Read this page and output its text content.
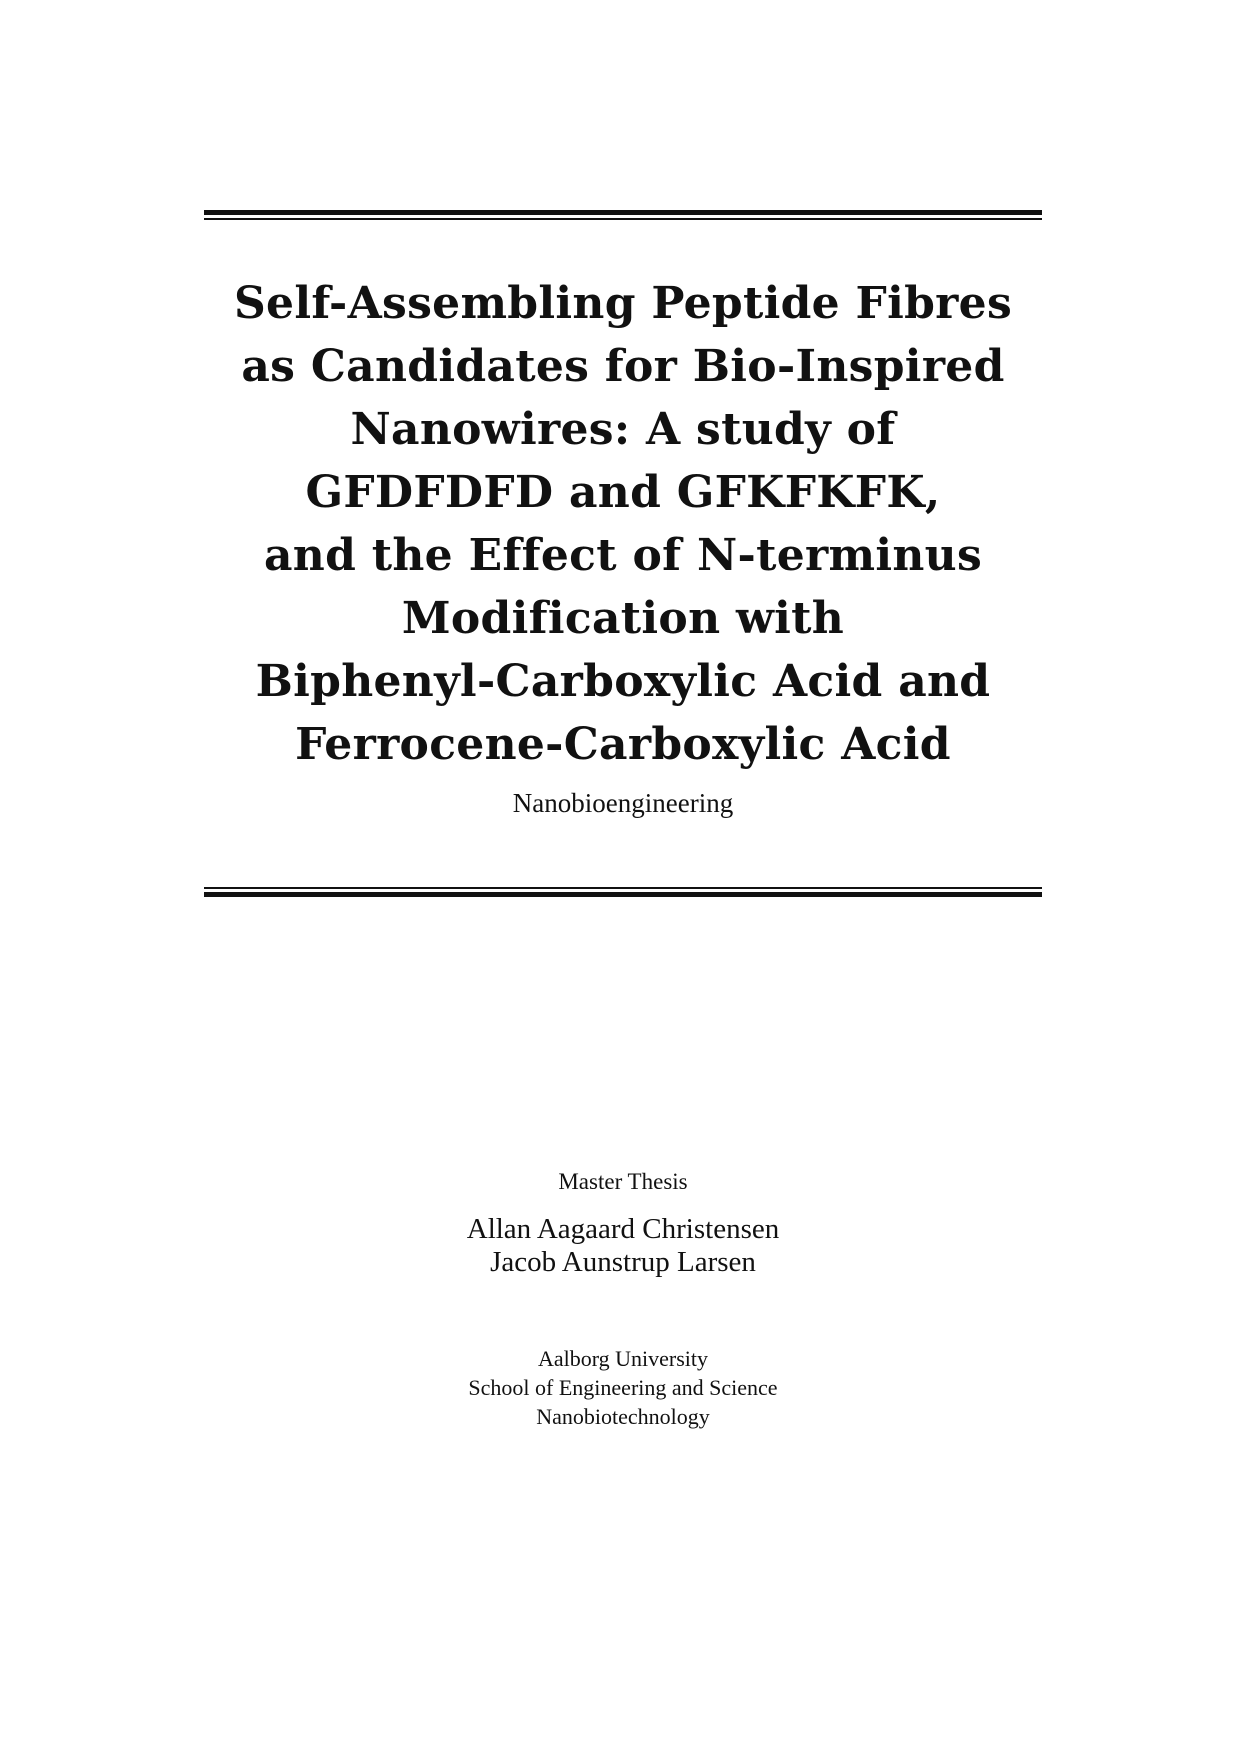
Self-Assembling Peptide Fibres
as Candidates for Bio-Inspired
Nanowires: A study of
GFDFDFD and GFKFKFK,
and the Effect of N-terminus
Modification with
Biphenyl-Carboxylic Acid and
Ferrocene-Carboxylic Acid
Nanobioengineering
Master Thesis
Allan Aagaard Christensen
Jacob Aunstrup Larsen
Aalborg University
School of Engineering and Science
Nanobiotechnology
